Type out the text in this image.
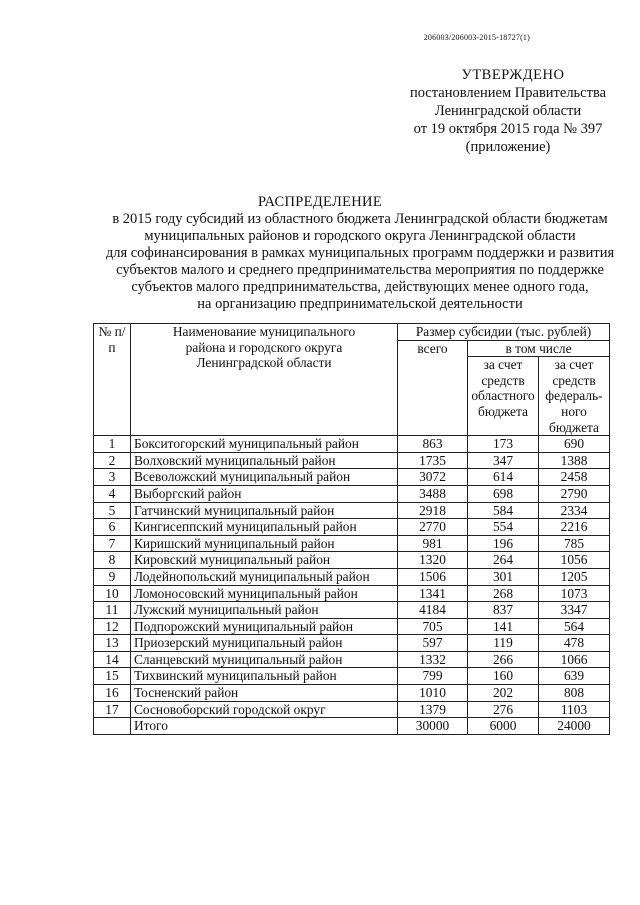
206003/206003-2015-18727(1)
УТВЕРЖДЕНО
постановлением Правительства
Ленинградской области
от 19 октября 2015 года № 397
(приложение)
РАСПРЕДЕЛЕНИЕ
в 2015 году субсидий из областного бюджета Ленинградской области бюджетам
муниципальных районов и городского округа Ленинградской области
для софинансирования в рамках муниципальных программ поддержки и развития
субъектов малого и среднего предпринимательства мероприятия по поддержке
субъектов малого предпринимательства, действующих менее одного года,
на организацию предпринимательской деятельности
№ п/п	Наименование муниципального района и городского округа Ленинградской области	Размер субсидии (тыс. рублей)		
		всего	в том числе	
			за счет средств областного бюджета	за счет средств федераль-ного бюджета
1	Бокситогорский муниципальный район	863	173	690
2	Волховский муниципальный район	1735	347	1388
3	Всеволожский муниципальный район	3072	614	2458
4	Выборгский район	3488	698	2790
5	Гатчинский муниципальный район	2918	584	2334
6	Кингисеппский муниципальный район	2770	554	2216
7	Киришский муниципальный район	981	196	785
8	Кировский муниципальный район	1320	264	1056
9	Лодейнопольский муниципальный район	1506	301	1205
10	Ломоносовский муниципальный район	1341	268	1073
11	Лужский муниципальный район	4184	837	3347
12	Подпорожский муниципальный район	705	141	564
13	Приозерский муниципальный район	597	119	478
14	Сланцевский муниципальный район	1332	266	1066
15	Тихвинский муниципальный район	799	160	639
16	Тосненский район	1010	202	808
17	Сосновоборский городской округ	1379	276	1103
	Итого	30000	6000	24000
